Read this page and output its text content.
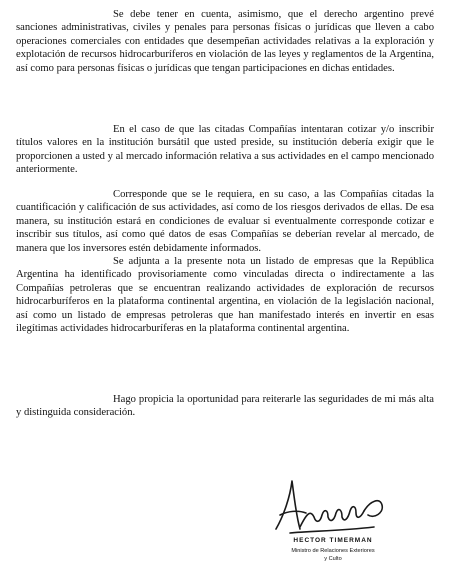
Se debe tener en cuenta, asimismo, que el derecho argentino prevé sanciones administrativas, civiles y penales para personas físicas o jurídicas que lleven a cabo operaciones comerciales con entidades que desempeñan actividades relativas a la exploración y explotación de recursos hidrocarburíferos en violación de las leyes y reglamentos de la Argentina, así como para personas físicas o jurídicas que tengan participaciones en dichas entidades.

En el caso de que las citadas Compañías intentaran cotizar y/o inscribir títulos valores en la institución bursátil que usted preside, su institución debería exigir que le proporcionen a usted y al mercado información relativa a sus actividades en el campo mencionado anteriormente.

Corresponde que se le requiera, en su caso, a las Compañías citadas la cuantificación y calificación de sus actividades, así como de los riesgos derivados de ellas. De esa manera, su institución estará en condiciones de evaluar si eventualmente corresponde cotizar e inscribir sus títulos, así como qué datos de esas Compañías se deberían revelar al mercado, de manera que los inversores estén debidamente informados.

Se adjunta a la presente nota un listado de empresas que la República Argentina ha identificado provisoriamente como vinculadas directa o indirectamente a las Compañías petroleras que se encuentran realizando actividades de exploración de recursos hidrocarburíferos en la plataforma continental argentina, en violación de la legislación nacional, así como un listado de empresas petroleras que han manifestado interés en invertir en esas ilegítimas actividades hidrocarburíferas en la plataforma continental argentina.

Hago propicia la oportunidad para reiterarle las seguridades de mi más alta y distinguida consideración.

HECTOR TIMERMAN
Ministro de Relaciones Exteriores
y Culto
